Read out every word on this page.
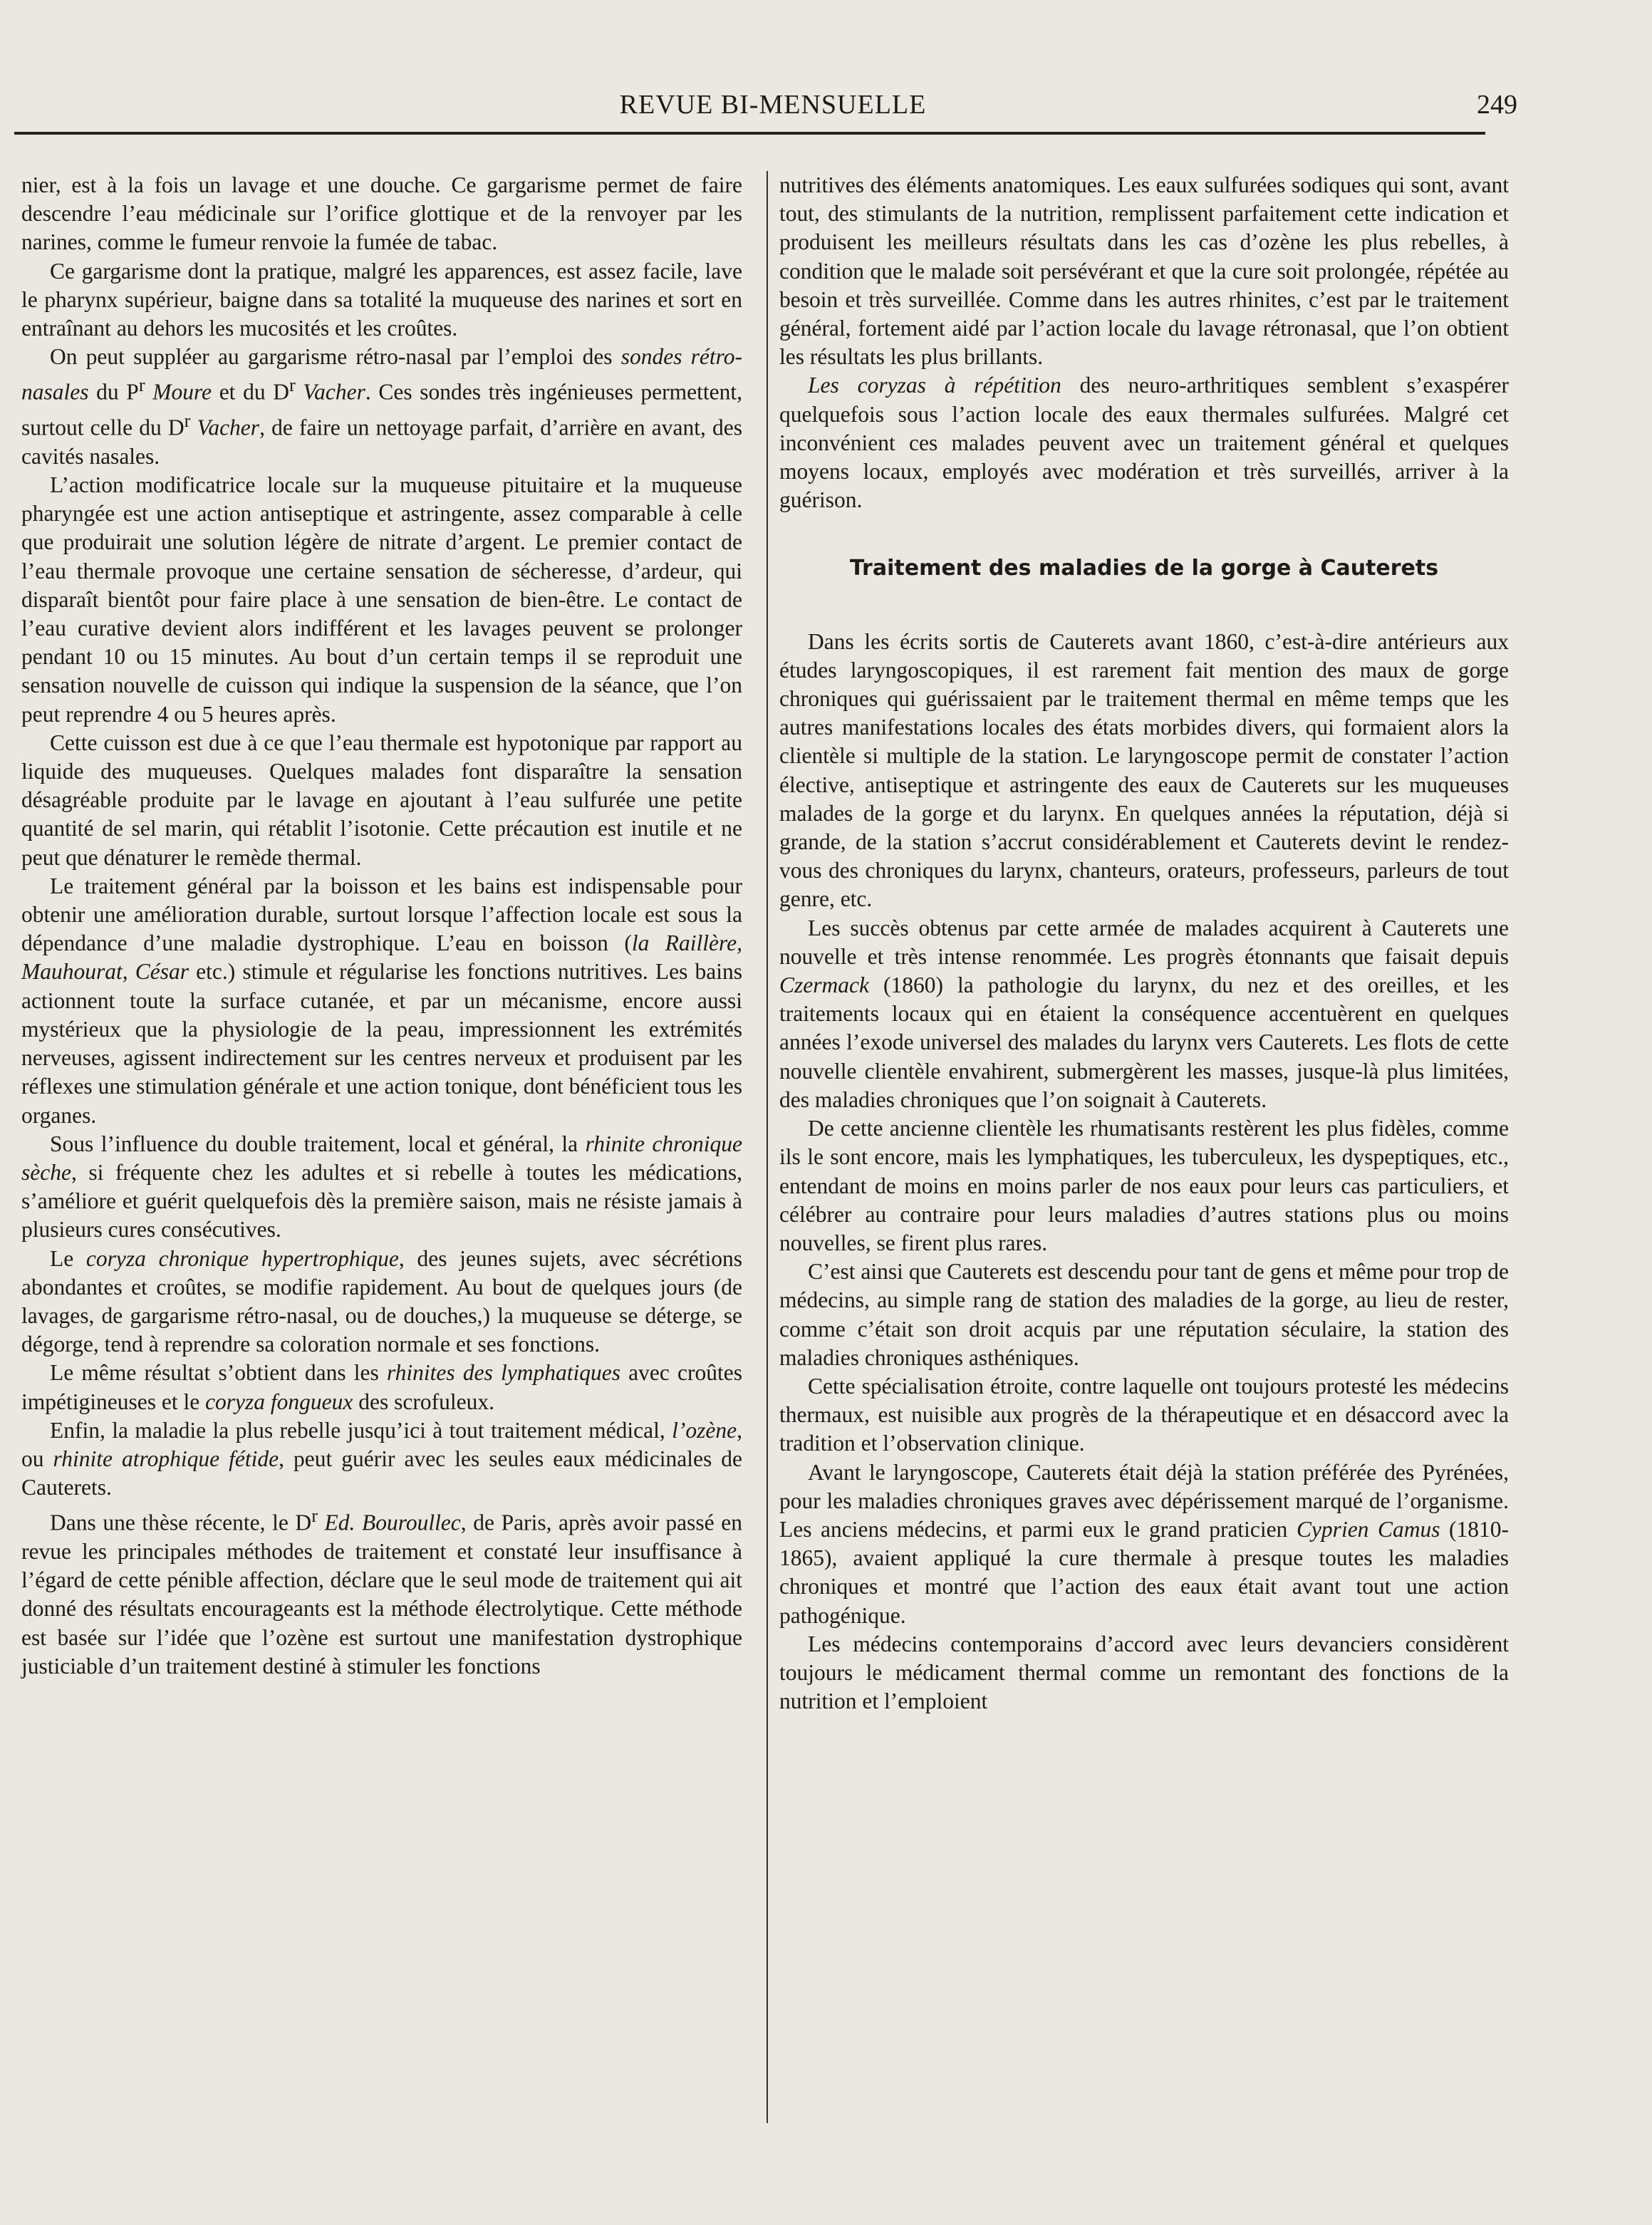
REVUE BI-MENSUELLE	249

nier, est à la fois un lavage et une douche. Ce gargarisme permet de faire descendre l’eau médicinale sur l’orifice glottique et de la renvoyer par les narines, comme le fumeur renvoie la fumée de tabac.

Ce gargarisme dont la pratique, malgré les apparences, est assez facile, lave le pharynx supérieur, baigne dans sa totalité la muqueuse des narines et sort en entraînant au dehors les mucosités et les croûtes.

On peut suppléer au gargarisme rétro-nasal par l’emploi des sondes rétro-nasales du $P^r$ Moure et du $D^r$ Vacher. Ces sondes très ingénieuses permettent, surtout celle du $D^r$ Vacher, de faire un nettoyage parfait, d’arrière en avant, des cavités nasales.

L’action modificatrice locale sur la muqueuse pituitaire et la muqueuse pharyngée est une action antiseptique et astringente, assez comparable à celle que produirait une solution légère de nitrate d’argent. Le premier contact de l’eau thermale provoque une certaine sensation de sécheresse, d’ardeur, qui disparaît bientôt pour faire place à une sensation de bien-être. Le contact de l’eau curative devient alors indifférent et les lavages peuvent se prolonger pendant 10 ou 15 minutes. Au bout d’un certain temps il se reproduit une sensation nouvelle de cuisson qui indique la suspension de la séance, que l’on peut reprendre 4 ou 5 heures après.

Cette cuisson est due à ce que l’eau thermale est hypotonique par rapport au liquide des muqueuses. Quelques malades font disparaître la sensation désagréable produite par le lavage en ajoutant à l’eau sulfurée une petite quantité de sel marin, qui rétablit l’isotonie. Cette précaution est inutile et ne peut que dénaturer le remède thermal.

Le traitement général par la boisson et les bains est indispensable pour obtenir une amélioration durable, surtout lorsque l’affection locale est sous la dépendance d’une maladie dystrophique. L’eau en boisson (la Raillère, Mauhourat, César etc.) stimule et régularise les fonctions nutritives. Les bains actionnent toute la surface cutanée, et par un mécanisme, encore aussi mystérieux que la physiologie de la peau, impressionnent les extrémités nerveuses, agissent indirectement sur les centres nerveux et produisent par les réflexes une stimulation générale et une action tonique, dont bénéficient tous les organes.

Sous l’influence du double traitement, local et général, la rhinite chronique sèche, si fréquente chez les adultes et si rebelle à toutes les médications, s’améliore et guérit quelquefois dès la première saison, mais ne résiste jamais à plusieurs cures consécutives.

Le coryza chronique hypertrophique, des jeunes sujets, avec sécrétions abondantes et croûtes, se modifie rapidement. Au bout de quelques jours (de lavages, de gargarisme rétro-nasal, ou de douches,) la muqueuse se déterge, se dégorge, tend à reprendre sa coloration normale et ses fonctions.

Le même résultat s’obtient dans les rhinites des lymphatiques avec croûtes impétigineuses et le coryza fongueux des scrofuleux.

Enfin, la maladie la plus rebelle jusqu’ici à tout traitement médical, l’ozène, ou rhinite atrophique fétide, peut guérir avec les seules eaux médicinales de Cauterets.

Dans une thèse récente, le $D^r$ Ed. Bouroullec, de Paris, après avoir passé en revue les principales méthodes de traitement et constaté leur insuffisance à l’égard de cette pénible affection, déclare que le seul mode de traitement qui ait donné des résultats encourageants est la méthode électrolytique. Cette méthode est basée sur l’idée que l’ozène est surtout une manifestation dystrophique justiciable d’un traitement destiné à stimuler les fonctions

nutritives des éléments anatomiques. Les eaux sulfurées sodiques qui sont, avant tout, des stimulants de la nutrition, remplissent parfaitement cette indication et produisent les meilleurs résultats dans les cas d’ozène les plus rebelles, à condition que le malade soit persévérant et que la cure soit prolongée, répétée au besoin et très surveillée. Comme dans les autres rhinites, c’est par le traitement général, fortement aidé par l’action locale du lavage rétronasal, que l’on obtient les résultats les plus brillants.

Les coryzas à répétition des neuro-arthritiques semblent s’exaspérer quelquefois sous l’action locale des eaux thermales sulfurées. Malgré cet inconvénient ces malades peuvent avec un traitement général et quelques moyens locaux, employés avec modération et très surveillés, arriver à la guérison.

Traitement des maladies de la gorge à Cauterets

Dans les écrits sortis de Cauterets avant 1860, c’est-à-dire antérieurs aux études laryngoscopiques, il est rarement fait mention des maux de gorge chroniques qui guérissaient par le traitement thermal en même temps que les autres manifestations locales des états morbides divers, qui formaient alors la clientèle si multiple de la station. Le laryngoscope permit de constater l’action élective, antiseptique et astringente des eaux de Cauterets sur les muqueuses malades de la gorge et du larynx. En quelques années la réputation, déjà si grande, de la station s’accrut considérablement et Cauterets devint le rendez-vous des chroniques du larynx, chanteurs, orateurs, professeurs, parleurs de tout genre, etc.

Les succès obtenus par cette armée de malades acquirent à Cauterets une nouvelle et très intense renommée. Les progrès étonnants que faisait depuis Czermack (1860) la pathologie du larynx, du nez et des oreilles, et les traitements locaux qui en étaient la conséquence accentuèrent en quelques années l’exode universel des malades du larynx vers Cauterets. Les flots de cette nouvelle clientèle envahirent, submergèrent les masses, jusque-là plus limitées, des maladies chroniques que l’on soignait à Cauterets.

De cette ancienne clientèle les rhumatisants restèrent les plus fidèles, comme ils le sont encore, mais les lymphatiques, les tuberculeux, les dyspeptiques, etc., entendant de moins en moins parler de nos eaux pour leurs cas particuliers, et célébrer au contraire pour leurs maladies d’autres stations plus ou moins nouvelles, se firent plus rares.

C’est ainsi que Cauterets est descendu pour tant de gens et même pour trop de médecins, au simple rang de station des maladies de la gorge, au lieu de rester, comme c’était son droit acquis par une réputation séculaire, la station des maladies chroniques asthéniques.

Cette spécialisation étroite, contre laquelle ont toujours protesté les médecins thermaux, est nuisible aux progrès de la thérapeutique et en désaccord avec la tradition et l’observation clinique.

Avant le laryngoscope, Cauterets était déjà la station préférée des Pyrénées, pour les maladies chroniques graves avec dépérissement marqué de l’organisme. Les anciens médecins, et parmi eux le grand praticien Cyprien Camus (1810-1865), avaient appliqué la cure thermale à presque toutes les maladies chroniques et montré que l’action des eaux était avant tout une action pathogénique.

Les médecins contemporains d’accord avec leurs devanciers considèrent toujours le médicament thermal comme un remontant des fonctions de la nutrition et l’emploient
